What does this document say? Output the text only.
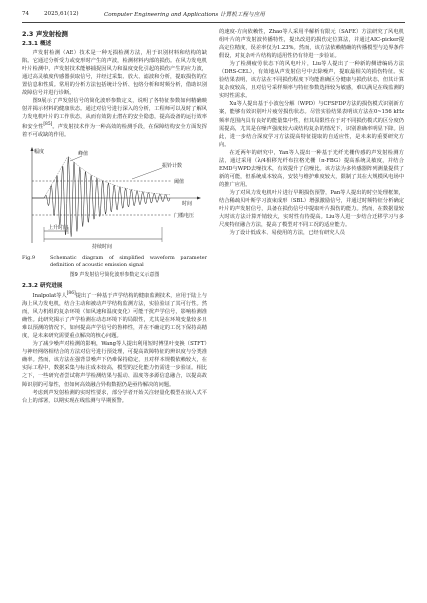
74	2025,61(12)	Computer Engineering and Applications 计算机工程与应用
2.3 声发射检测
2.3.1 概述

声发射检测（AE）技术是一种无损检测方法，用于识别材料和结构的缺陷。它通过分析受力或变形时产生的声波，检测材料内部的损伤。在风力发电机叶片检测中，声发射技术能够捕捉因风力和温度变化引起的损伤产生的应力波，通过高灵敏度传感器获取信号，并经过采集、放大、滤波和分析，提取损伤的位置信息和性质。常用的分析方法包括统计分析、包络分析和时频分析，借助识别故障信号并进行诊断。

图9展示了声发射信号的简化波形参数定义，说明了各特征参数如何精确映射并揭示材料的健康状态。通过对信号进行深入的分析，工程师可以及时了解风力发电机叶片的工作状态，从而有效防止潜在的安全隐患，提高设备的运行效率和安全性[85]。声发射技术作为一种高效的检测手段，在保障结构安全方面发挥着不可或缺的作用。

幅度
阈值
振铃计数
峰值
门槛电压
时间
上升时间
持续时间
Fig.9	Schematic diagram of simplified waveform parameter definition of acoustic emission signal
图9 声发射信号简化波形参数定义示意图
2.3.2 研究进展

Inalpolat等人[86]提出了一种基于声学结构的健康监测技术，应用于陆上与海上风力发电机，结合主动和被动声学结构监测方法，实验验证了其可行性。然而，风力机组的复杂环境（如风速和温度变化）可能干扰声学信号，影响检测准确性。此研究揭示了声学检测在动态环境下的局限性，尤其是在环境变量较多且难以预测的情况下。如何提高声学信号的鲁棒性，并在不确定的工况下保持高精度，是未来研究需要重点解决的核心问题。

为了减少噪声对检测的影响，Wang等人提出利用短时傅里叶变换（STFT）与神经网络相结合的方法对信号进行预处理，可提高故障特征的辨识度与分类准确率。然而，该方法在强背景噪声下仍难保持稳定，且对样本规模依赖较大，在实际工程中，数据采集与标注成本较高，模型的泛化能力仍需进一步验证。相比之下，一些研究者尝试将声学检测结果与振动、温度等多源信息融合，以提高故障识别的可靠性，但如何高效融合异构数据仍是亟待解决的问题。

考虑到声发射检测的实时性要求，部分学者开始关注轻量化模型在嵌入式平台上的部署，以期实现在线监测与早期预警。

的速度-方向依赖性，Zhao等人采用半解析有限元（SAFE）方法研究了风电机组叶片的声发射波传播特性，提出改进的损伤定位算法，并通过AIC-picker提高定位精度，误差率仅为1.23%。然而，该方法依赖精确的传播模型与边界条件假设，对复杂叶片结构的适用性仍有待进一步验证。

为了检测疲劳状态下的风电叶片，Liu等人提出了一种新的侧谱编码方法（DRS-CEL），有效地从声发射信号中去除噪声，提取最相关的损伤特征。实验结果表明，该方法在不同损伤程度下均能准确区分健康与损伤状态，但其计算复杂度较高，且对信号采样频率与特征参数选择较为敏感，难以满足在线监测的实时性需求。

Xu等人提出基于小波包分解（WPD）与CFSFDP方法的损伤模式识别新方案，能够有效识别叶片疲劳损伤状态。尽管实验结果表明该方法在0~156 kHz频率范围内具有良好的能量集中性，但其局限性在于对不同损伤模式的区分度仍需提高，尤其是在噪声强度较大或结构复杂的情况下，识别准确率明显下降。因此，进一步结合深度学习方法提高特征提取的自适应性，是未来的重要研究方向。

在近两年的研究中，Yan等人提出一种基于光纤光栅传感的声发射检测方法，通过采用（λ/4相移光纤布拉格光栅（π-FBG）提高系统灵敏度，并结合EMD与WPD去噪技术，有效提升了信噪比。该方法为多传感器阵列测量提供了新的可能，但系统成本较高，安装与维护难度较大，限制了其在大规模风电场中的推广应用。

为了对风力发电机叶片进行早期损伤预警，Pan等人提出的时空处理框架，结合稀疏贝叶斯学习波束成形（SBL）增强激励信号，并通过时频特征分析确定叶片的声发射信号，具备在损伤信号中提取叶片损伤的能力。然而，在数据量较大时该方法计算开销较大，实时性有待提高。Liu等人进一步结合迁移学习与多尺度特征融合方法，提高了模型对不同工况的适应能力。

为了设计低成本、易使用的方法，已经有研究人员
